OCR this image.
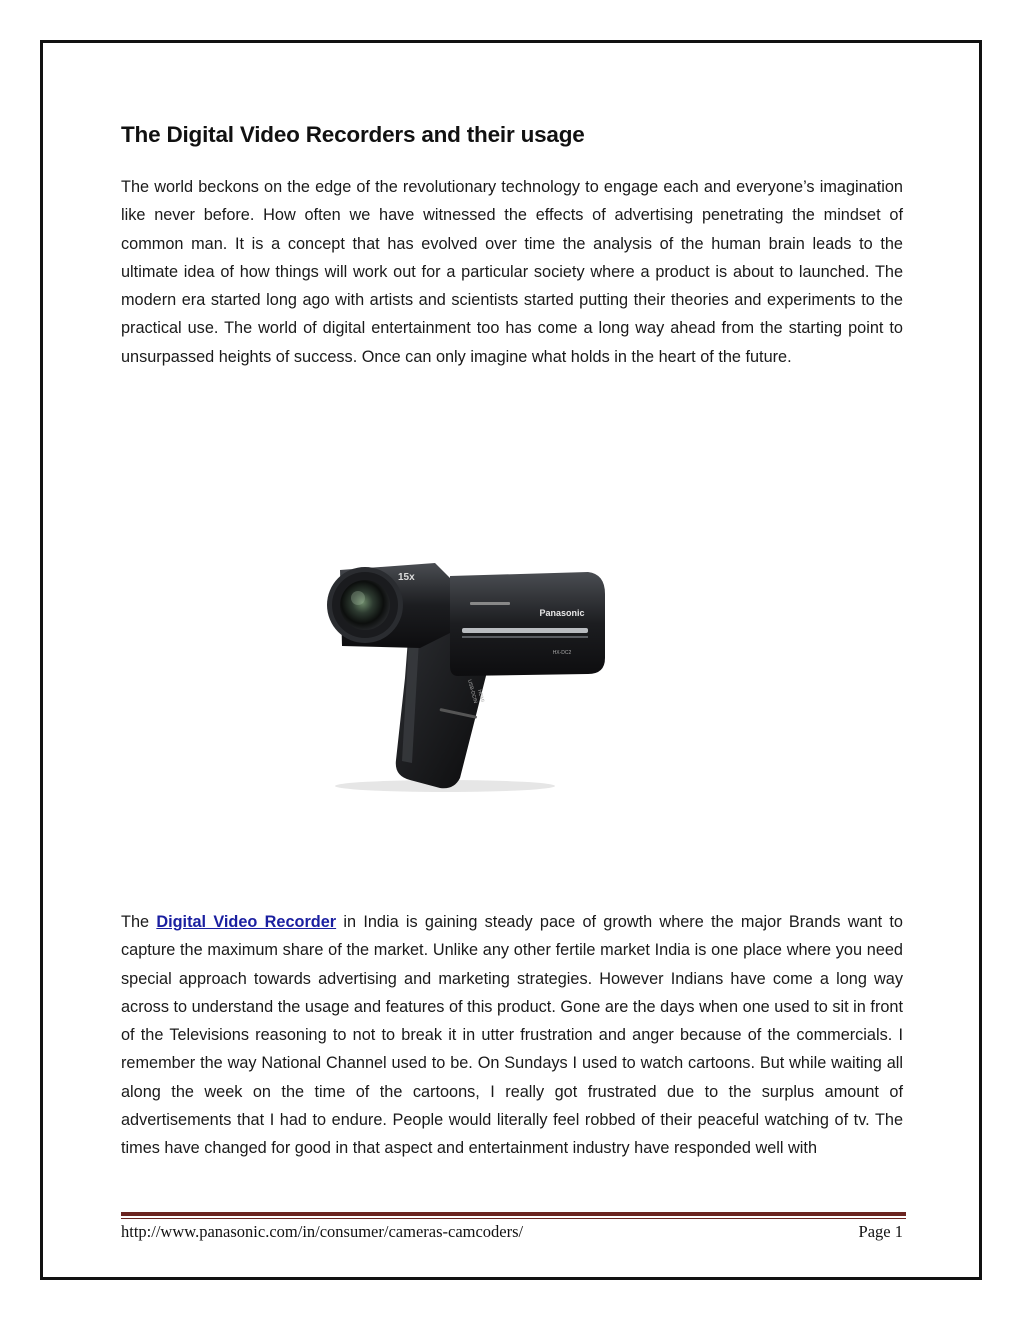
The Digital Video Recorders and their usage

The world beckons on the edge of the revolutionary technology to engage each and everyone’s imagination like never before. How often we have witnessed the effects of advertising penetrating the mindset of common man. It is a concept that has evolved over time the analysis of the human brain leads to the ultimate idea of how things will work out for a particular society where a product is about to launched. The modern era started long ago with artists and scientists started putting their theories and experiments to the practical use. The world of digital entertainment too has come a long way ahead from the starting point to unsurpassed heights of success. Once can only imagine what holds in the heart of the future.

USB-DCIN
HDMI
15x
Panasonic
HX-DC2

The Digital Video Recorder in India is gaining steady pace of growth where the major Brands want to capture the maximum share of the market. Unlike any other fertile market India is one place where you need special approach towards advertising and marketing strategies. However Indians have come a long way across to understand the usage and features of this product. Gone are the days when one used to sit in front of the Televisions reasoning to not to break it in utter frustration and anger because of the commercials. I remember the way National Channel used to be. On Sundays I used to watch cartoons. But while waiting all along the week on the time of the cartoons, I really got frustrated due to the surplus amount of advertisements that I had to endure. People would literally feel robbed of their peaceful watching of tv. The times have changed for good in that aspect and entertainment industry have responded well with

http://www.panasonic.com/in/consumer/cameras-camcoders/	Page 1
